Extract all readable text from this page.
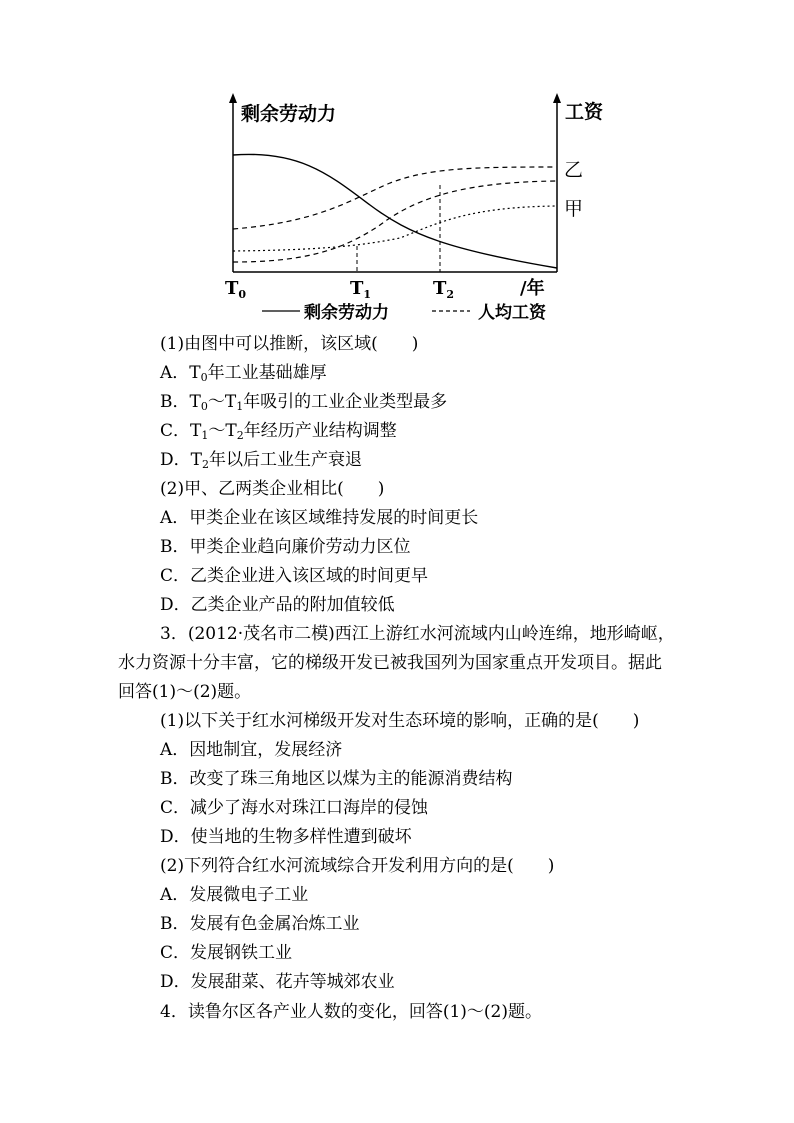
剩余劳动力	工资
乙
甲
$T_0$	$T_1$	$T_2$	/年
剩余劳动力	人均工资
(1)由图中可以推断，该区域(　　)
A．$T_0$年工业基础雄厚
B．$T_0\sim T_1$年吸引的工业企业类型最多
C．$T_1\sim T_2$年经历产业结构调整
D．$T_2$年以后工业生产衰退
(2)甲、乙两类企业相比(　　)
A．甲类企业在该区域维持发展的时间更长
B．甲类企业趋向廉价劳动力区位
C．乙类企业进入该区域的时间更早
D．乙类企业产品的附加值较低
3．(2012·茂名市二模)西江上游红水河流域内山岭连绵，地形崎岖，水力资源十分丰富，它的梯级开发已被我国列为国家重点开发项目。据此回答(1)～(2)题。
(1)以下关于红水河梯级开发对生态环境的影响，正确的是(　　)
A．因地制宜，发展经济
B．改变了珠三角地区以煤为主的能源消费结构
C．减少了海水对珠江口海岸的侵蚀
D．使当地的生物多样性遭到破坏
(2)下列符合红水河流域综合开发利用方向的是(　　)
A．发展微电子工业
B．发展有色金属冶炼工业
C．发展钢铁工业
D．发展甜菜、花卉等城郊农业
4．读鲁尔区各产业人数的变化，回答(1)～(2)题。
